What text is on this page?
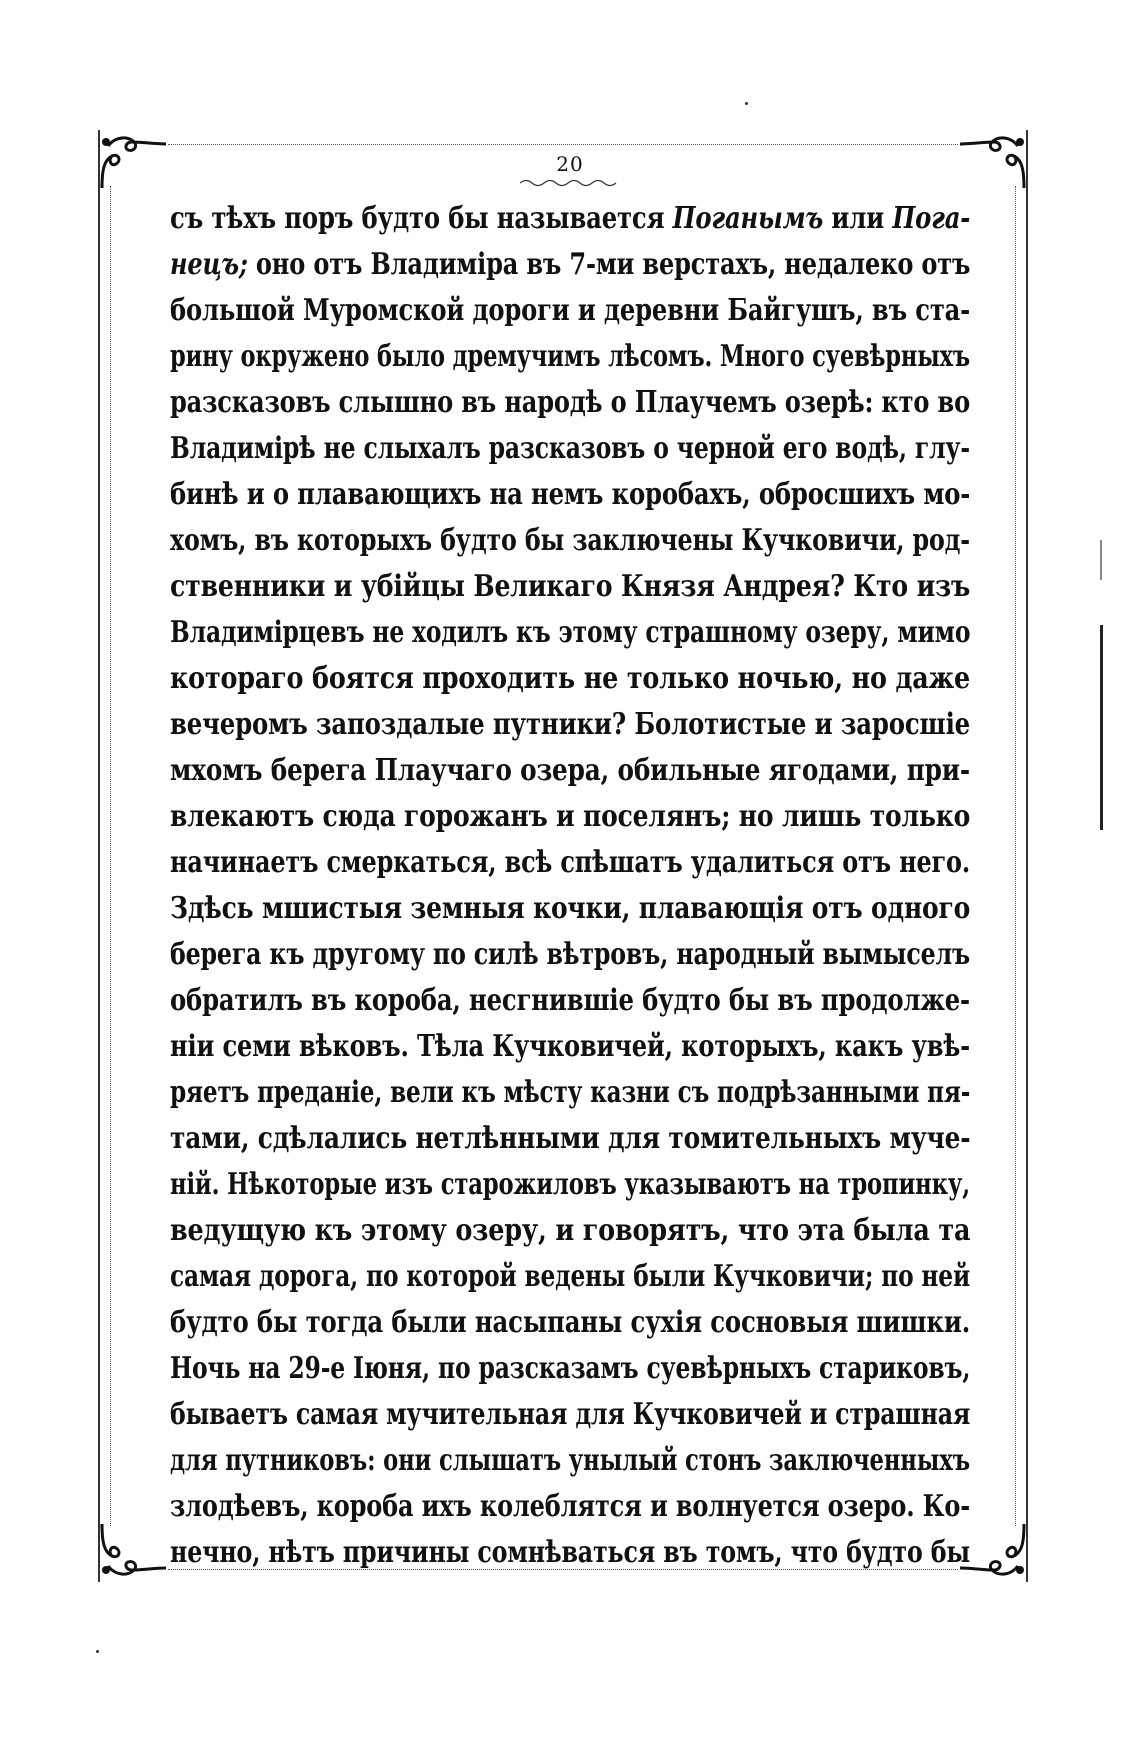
20
съ тѣхъ поръ будто бы называется Поганымъ или Пога-
нецъ; оно отъ Владиміра въ 7-ми верстахъ, недалеко отъ
большой Муромской дороги и деревни Байгушъ, въ ста-
рину окружено было дремучимъ лѣсомъ. Много суевѣрныхъ
разсказовъ слышно въ народѣ о Плаучемъ озерѣ: кто во
Владимірѣ не слыхалъ разсказовъ о черной его водѣ, глу-
бинѣ и о плавающихъ на немъ коробахъ, обросшихъ мо-
хомъ, въ которыхъ будто бы заключены Кучковичи, род-
ственники и убійцы Великаго Князя Андрея? Кто изъ
Владимірцевъ не ходилъ къ этому страшному озеру, мимо
котораго боятся проходить не только ночью, но даже
вечеромъ запоздалые путники? Болотистые и заросшіе
мхомъ берега Плаучаго озера, обильные ягодами, при-
влекаютъ сюда горожанъ и поселянъ; но лишь только
начинаетъ смеркаться, всѣ спѣшатъ удалиться отъ него.
Здѣсь мшистыя земныя кочки, плавающія отъ одного
берега къ другому по силѣ вѣтровъ, народный вымыселъ
обратилъ въ короба, несгнившіе будто бы въ продолже-
ніи семи вѣковъ. Тѣла Кучковичей, которыхъ, какъ увѣ-
ряетъ преданіе, вели къ мѣсту казни съ подрѣзанными пя-
тами, сдѣлались нетлѣнными для томительныхъ муче-
ній. Нѣкоторые изъ старожиловъ указываютъ на тропинку,
ведущую къ этому озеру, и говорятъ, что эта была та
самая дорога, по которой ведены были Кучковичи; по ней
будто бы тогда были насыпаны сухія сосновыя шишки.
Ночь на 29-е Іюня, по разсказамъ суевѣрныхъ стариковъ,
бываетъ самая мучительная для Кучковичей и страшная
для путниковъ: они слышатъ унылый стонъ заключенныхъ
злодѣевъ, короба ихъ колеблятся и волнуется озеро. Ко-
нечно, нѣтъ причины сомнѣваться въ томъ, что будто бы
